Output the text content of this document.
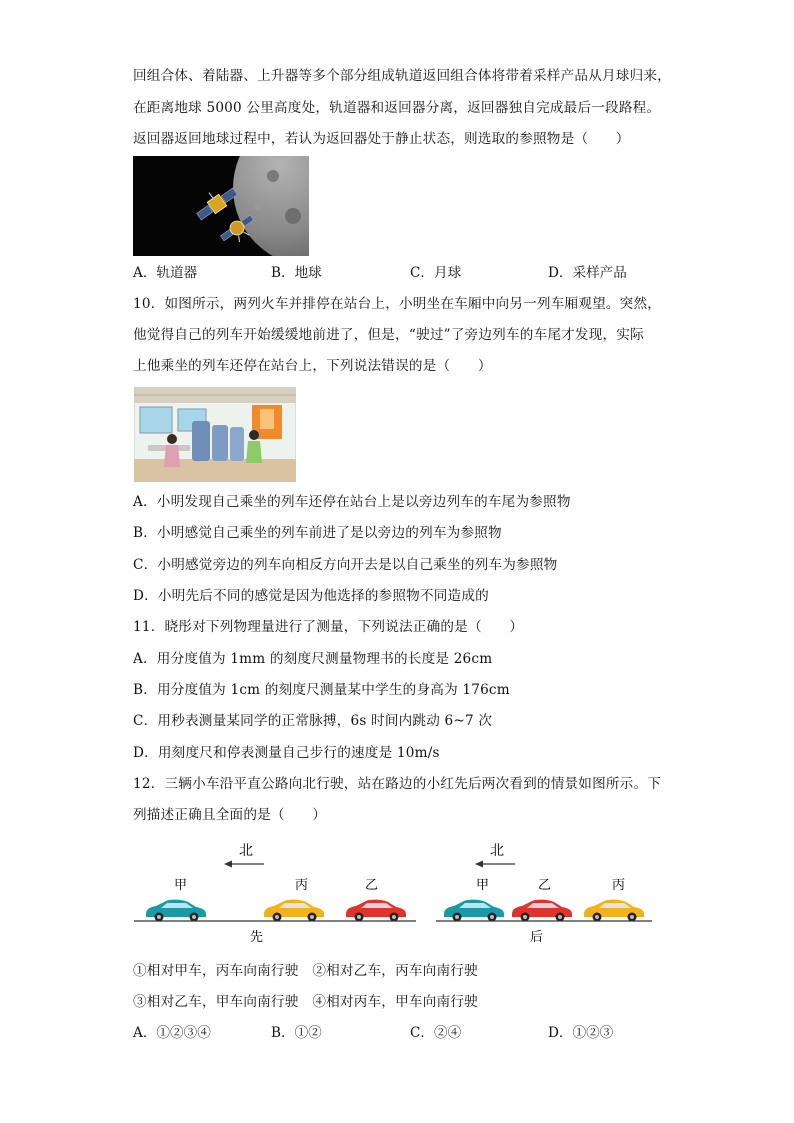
回组合体、着陆器、上升器等多个部分组成轨道返回组合体将带着采样产品从月球归来，
在距离地球 5000 公里高度处，轨道器和返回器分离，返回器独自完成最后一段路程。
返回器返回地球过程中，若认为返回器处于静止状态，则选取的参照物是（　　）
A．轨道器	B．地球	C．月球	D．采样产品
10．如图所示，两列火车并排停在站台上，小明坐在车厢中向另一列车厢观望。突然，
他觉得自己的列车开始缓缓地前进了，但是，“驶过”了旁边列车的车尾才发现，实际
上他乘坐的列车还停在站台上，下列说法错误的是（　　）
A．小明发现自己乘坐的列车还停在站台上是以旁边列车的车尾为参照物
B．小明感觉自己乘坐的列车前进了是以旁边的列车为参照物
C．小明感觉旁边的列车向相反方向开去是以自己乘坐的列车为参照物
D．小明先后不同的感觉是因为他选择的参照物不同造成的
11．晓彤对下列物理量进行了测量，下列说法正确的是（　　）
A．用分度值为 1mm 的刻度尺测量物理书的长度是 26cm
B．用分度值为 1cm 的刻度尺测量某中学生的身高为 176cm
C．用秒表测量某同学的正常脉搏，6s 时间内跳动 6~7 次
D．用刻度尺和停表测量自己步行的速度是 10m/s
12．三辆小车沿平直公路向北行驶，站在路边的小红先后两次看到的情景如图所示。下
列描述正确且全面的是（　　）
北
甲	丙	乙
先
北
甲	乙	丙
后
①相对甲车，丙车向南行驶　②相对乙车，丙车向南行驶
③相对乙车，甲车向南行驶　④相对丙车，甲车向南行驶
A．①②③④	B．①②	C．②④	D．①②③
